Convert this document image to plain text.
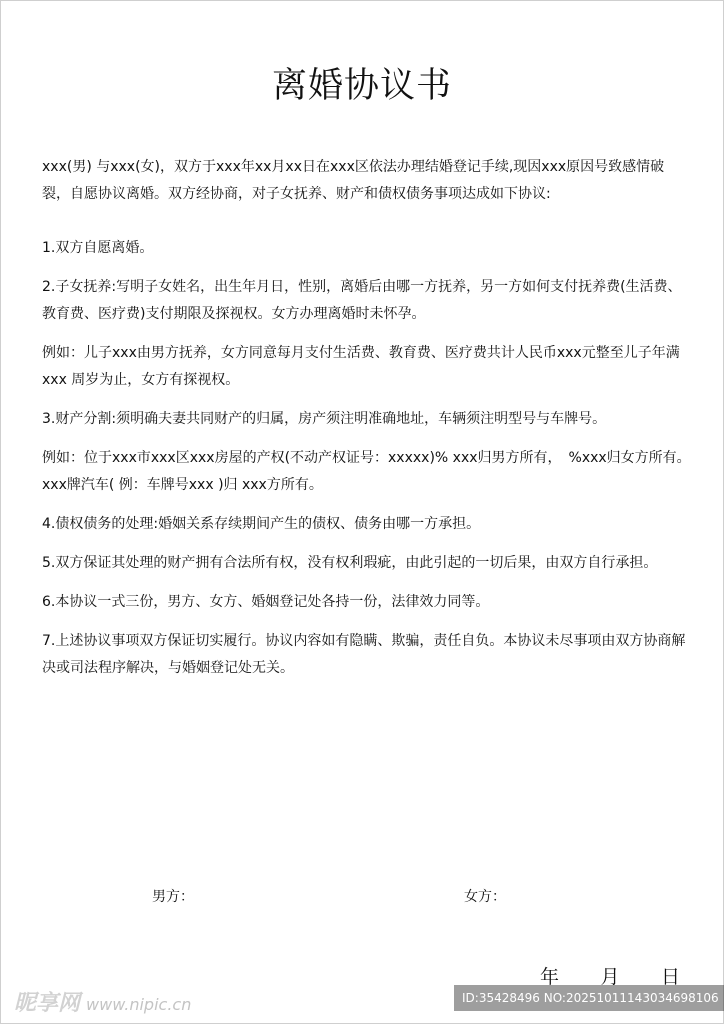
离婚协议书

xxx(男) 与xxx(女)，双方于xxx年xx月xx日在xxx区依法办理结婚登记手续,现因xxx原因号致感情破裂，自愿协议离婚。双方经协商，对子女抚养、财产和债权债务事项达成如下协议:

1.双方自愿离婚。

2.子女抚养:写明子女姓名，出生年月日，性别，离婚后由哪一方抚养，另一方如何支付抚养费(生活费、教育费、医疗费)支付期限及探视权。女方办理离婚时未怀孕。

例如：儿子xxx由男方抚养，女方同意每月支付生活费、教育费、医疗费共计人民币xxx元整至儿子年满xxx 周岁为止，女方有探视权。

3.财产分割:须明确夫妻共同财产的归属，房产须注明准确地址，车辆须注明型号与车牌号。

例如：位于xxx市xxx区xxx房屋的产权(不动产权证号：xxxxx)% xxx归男方所有，　%xxx归女方所有。xxx牌汽车( 例：车牌号xxx )归 xxx方所有。

4.债权债务的处理:婚姻关系存续期间产生的债权、债务由哪一方承担。

5.双方保证其处理的财产拥有合法所有权，没有权利瑕疵，由此引起的一切后果，由双方自行承担。

6.本协议一式三份，男方、女方、婚姻登记处各持一份，法律效力同等。

7.上述协议事项双方保证切实履行。协议内容如有隐瞒、欺骗，责任自负。本协议未尽事项由双方协商解决或司法程序解决，与婚姻登记处无关。

男方：	女方：
年 月 日
昵享网 www.nipic.cn	ID:35428496 NO:20251011143034698106
